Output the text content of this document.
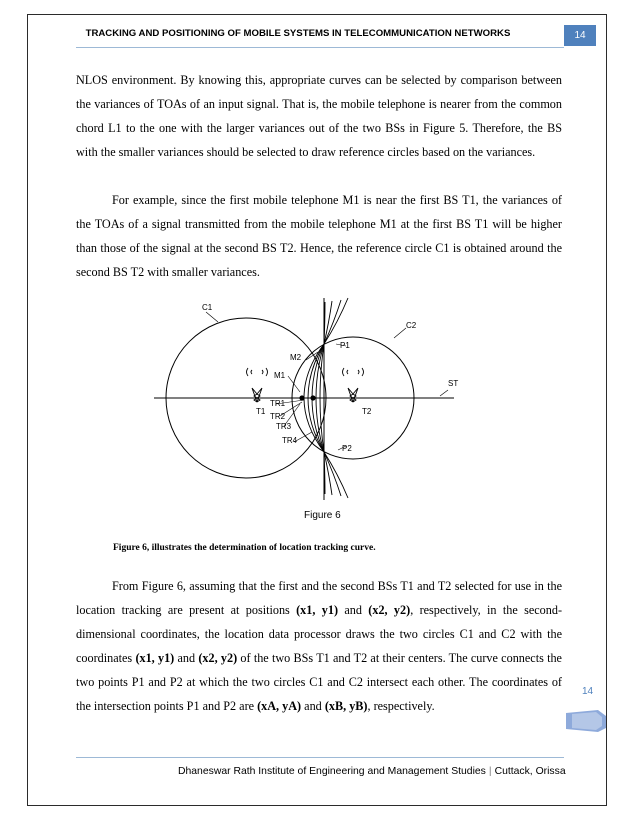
TRACKING AND POSITIONING OF MOBILE SYSTEMS IN TELECOMMUNICATION NETWORKS	14

NLOS environment. By knowing this, appropriate curves can be selected by comparison between the variances of TOAs of an input signal. That is, the mobile telephone is nearer from the common chord L1 to the one with the larger variances out of the two BSs in Figure 5. Therefore, the BS with the smaller variances should be selected to draw reference circles based on the variances.

For example, since the first mobile telephone M1 is near the first BS T1, the variances of the TOAs of a signal transmitted from the mobile telephone M1 at the first BS T1 will be higher than those of the signal at the second BS T2. Hence, the reference circle C1 is obtained around the second BS T2 with smaller variances.

C1
C2
P1
M2
M1
ST
TR1
T1	T2
TR2
TR3
TR4
P2
Figure 6
Figure 6, illustrates the determination of location tracking curve.

From Figure 6, assuming that the first and the second BSs T1 and T2 selected for use in the location tracking are present at positions (x1, y1) and (x2, y2), respectively, in the second-dimensional coordinates, the location data processor draws the two circles C1 and C2 with the coordinates (x1, y1) and (x2, y2) of the two BSs T1 and T2 at their centers. The curve connects the two points P1 and P2 at which the two circles C1 and C2 intersect each other. The coordinates of the intersection points P1 and P2 are (xA, yA) and (xB, yB), respectively.

14
Dhaneswar Rath Institute of Engineering and Management Studies | Cuttack, Orissa
